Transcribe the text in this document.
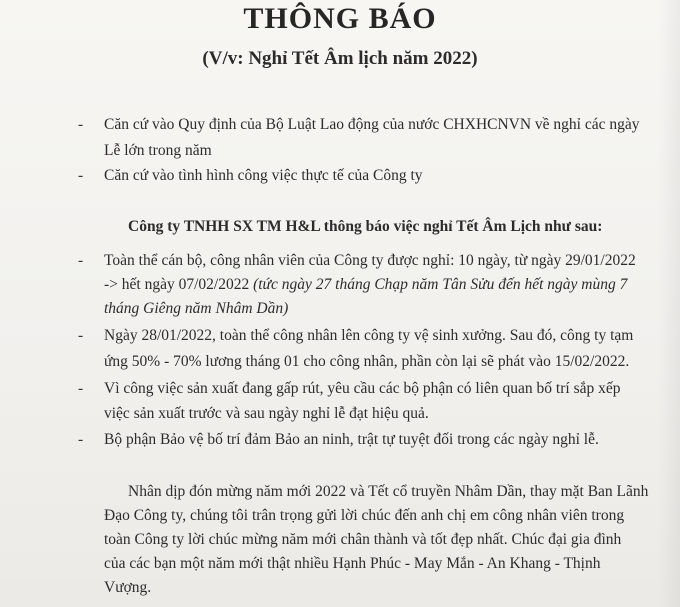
THÔNG BÁO
(V/v: Nghỉ Tết Âm lịch năm 2022)
- Căn cứ vào Quy định của Bộ Luật Lao động của nước CHXHCNVN về nghỉ các ngày
Lễ lớn trong năm
- Căn cứ vào tình hình công việc thực tế của Công ty
Công ty TNHH SX TM H&L thông báo việc nghỉ Tết Âm Lịch như sau:
- Toàn thể cán bộ, công nhân viên của Công ty được nghỉ: 10 ngày, từ ngày 29/01/2022
-> hết ngày 07/02/2022 (tức ngày 27 tháng Chạp năm Tân Sửu đến hết ngày mùng 7
tháng Giêng năm Nhâm Dần)
- Ngày 28/01/2022, toàn thể công nhân lên công ty vệ sinh xưởng. Sau đó, công ty tạm
ứng 50% - 70% lương tháng 01 cho công nhân, phần còn lại sẽ phát vào 15/02/2022.
- Vì công việc sản xuất đang gấp rút, yêu cầu các bộ phận có liên quan bố trí sắp xếp
việc sản xuất trước và sau ngày nghỉ lễ đạt hiệu quả.
- Bộ phận Bảo vệ bố trí đảm Bảo an ninh, trật tự tuyệt đối trong các ngày nghỉ lễ.
Nhân dịp đón mừng năm mới 2022 và Tết cổ truyền Nhâm Dần, thay mặt Ban Lãnh
Đạo Công ty, chúng tôi trân trọng gửi lời chúc đến anh chị em công nhân viên trong
toàn Công ty lời chúc mừng năm mới chân thành và tốt đẹp nhất. Chúc đại gia đình
của các bạn một năm mới thật nhiều Hạnh Phúc - May Mắn - An Khang - Thịnh
Vượng.
